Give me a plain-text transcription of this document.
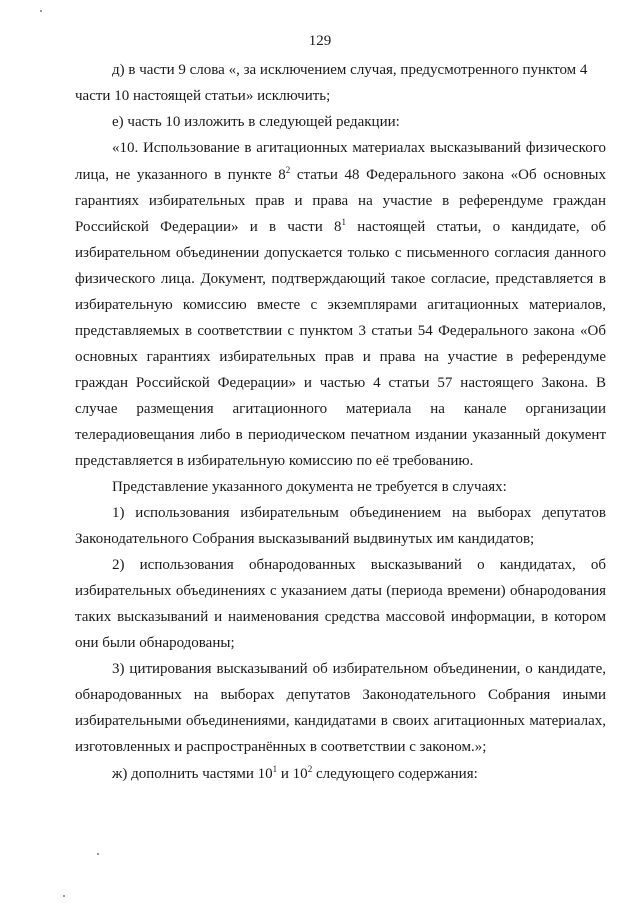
129
д) в части 9 слова «, за исключением случая, предусмотренного пунктом 4
части 10 настоящей статьи» исключить;
е) часть 10 изложить в следующей редакции:
«10. Использование в агитационных материалах высказываний физического
лица, не указанного в пункте $8^2$ статьи 48 Федерального закона «Об основных
гарантиях избирательных прав и права на участие в референдуме граждан
Российской Федерации» и в части $8^1$ настоящей статьи, о кандидате, об
избирательном объединении допускается только с письменного согласия данного
физического лица. Документ, подтверждающий такое согласие, представляется в
избирательную комиссию вместе с экземплярами агитационных материалов,
представляемых в соответствии с пунктом 3 статьи 54 Федерального закона «Об
основных гарантиях избирательных прав и права на участие в референдуме
граждан Российской Федерации» и частью 4 статьи 57 настоящего Закона. В
случае размещения агитационного материала на канале организации
телерадиовещания либо в периодическом печатном издании указанный документ
представляется в избирательную комиссию по её требованию.
Представление указанного документа не требуется в случаях:
1) использования избирательным объединением на выборах депутатов
Законодательного Собрания высказываний выдвинутых им кандидатов;
2) использования обнародованных высказываний о кандидатах, об
избирательных объединениях с указанием даты (периода времени) обнародования
таких высказываний и наименования средства массовой информации, в котором
они были обнародованы;
3) цитирования высказываний об избирательном объединении, о кандидате,
обнародованных на выборах депутатов Законодательного Собрания иными
избирательными объединениями, кандидатами в своих агитационных материалах,
изготовленных и распространённых в соответствии с законом.»;
ж) дополнить частями $10^1$ и $10^2$ следующего содержания:
